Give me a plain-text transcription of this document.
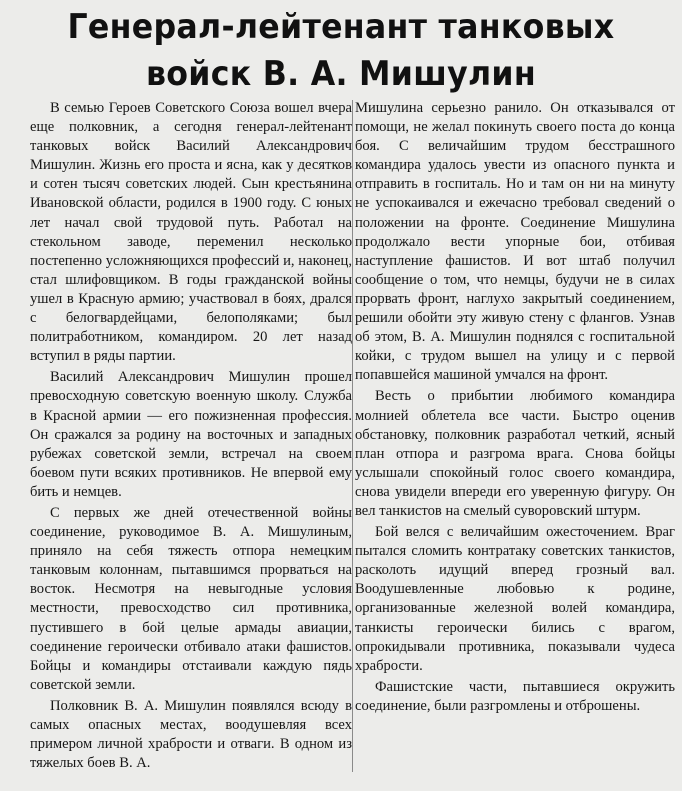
Генерал-лейтенант танковых
войск В. А. Мишулин

В семью Героев Советского Союза вошел вчера еще полковник, а сегодня генерал-лейтенант танковых войск Василий Александрович Мишулин. Жизнь его проста и ясна, как у десятков и сотен тысяч советских людей. Сын крестьянина Ивановской области, родился в 1900 году. С юных лет начал свой трудовой путь. Работал на стекольном заводе, переменил несколько постепенно усложняющихся профессий и, наконец, стал шлифовщиком. В годы гражданской войны ушел в Красную армию; участвовал в боях, дрался с белогвардейцами, белополяками; был политработником, командиром. 20 лет назад вступил в ряды партии.

Василий Александрович Мишулин прошел превосходную советскую военную школу. Служба в Красной армии — его пожизненная профессия. Он сражался за родину на восточных и западных рубежах советской земли, встречал на своем боевом пути всяких противников. Не впервой ему бить и немцев.

С первых же дней отечественной войны соединение, руководимое В. А. Мишулиным, приняло на себя тяжесть отпора немецким танковым колоннам, пытавшимся прорваться на восток. Несмотря на невыгодные условия местности, превосходство сил противника, пустившего в бой целые армады авиации, соединение героически отбивало атаки фашистов. Бойцы и командиры отстаивали каждую пядь советской земли.

Полковник В. А. Мишулин появлялся всюду в самых опасных местах, воодушевляя всех примером личной храбрости и отваги. В одном из тяжелых боев В. А.

Мишулина серьезно ранило. Он отказывался от помощи, не желал покинуть своего поста до конца боя. С величайшим трудом бесстрашного командира удалось увести из опасного пункта и отправить в госпиталь. Но и там он ни на минуту не успокаивался и ежечасно требовал сведений о положении на фронте. Соединение Мишулина продолжало вести упорные бои, отбивая наступление фашистов. И вот штаб получил сообщение о том, что немцы, будучи не в силах прорвать фронт, наглухо закрытый соединением, решили обойти эту живую стену с флангов. Узнав об этом, В. А. Мишулин поднялся с госпитальной койки, с трудом вышел на улицу и с первой попавшейся машиной умчался на фронт.

Весть о прибытии любимого командира молнией облетела все части. Быстро оценив обстановку, полковник разработал четкий, ясный план отпора и разгрома врага. Снова бойцы услышали спокойный голос своего командира, снова увидели впереди его уверенную фигуру. Он вел танкистов на смелый суворовский штурм.

Бой велся с величайшим ожесточением. Враг пытался сломить контратаку советских танкистов, расколоть идущий вперед грозный вал. Воодушевленные любовью к родине, организованные железной волей командира, танкисты героически бились с врагом, опрокидывали противника, показывали чудеса храбрости.

Фашистские части, пытавшиеся окружить соединение, были разгромлены и отброшены.
